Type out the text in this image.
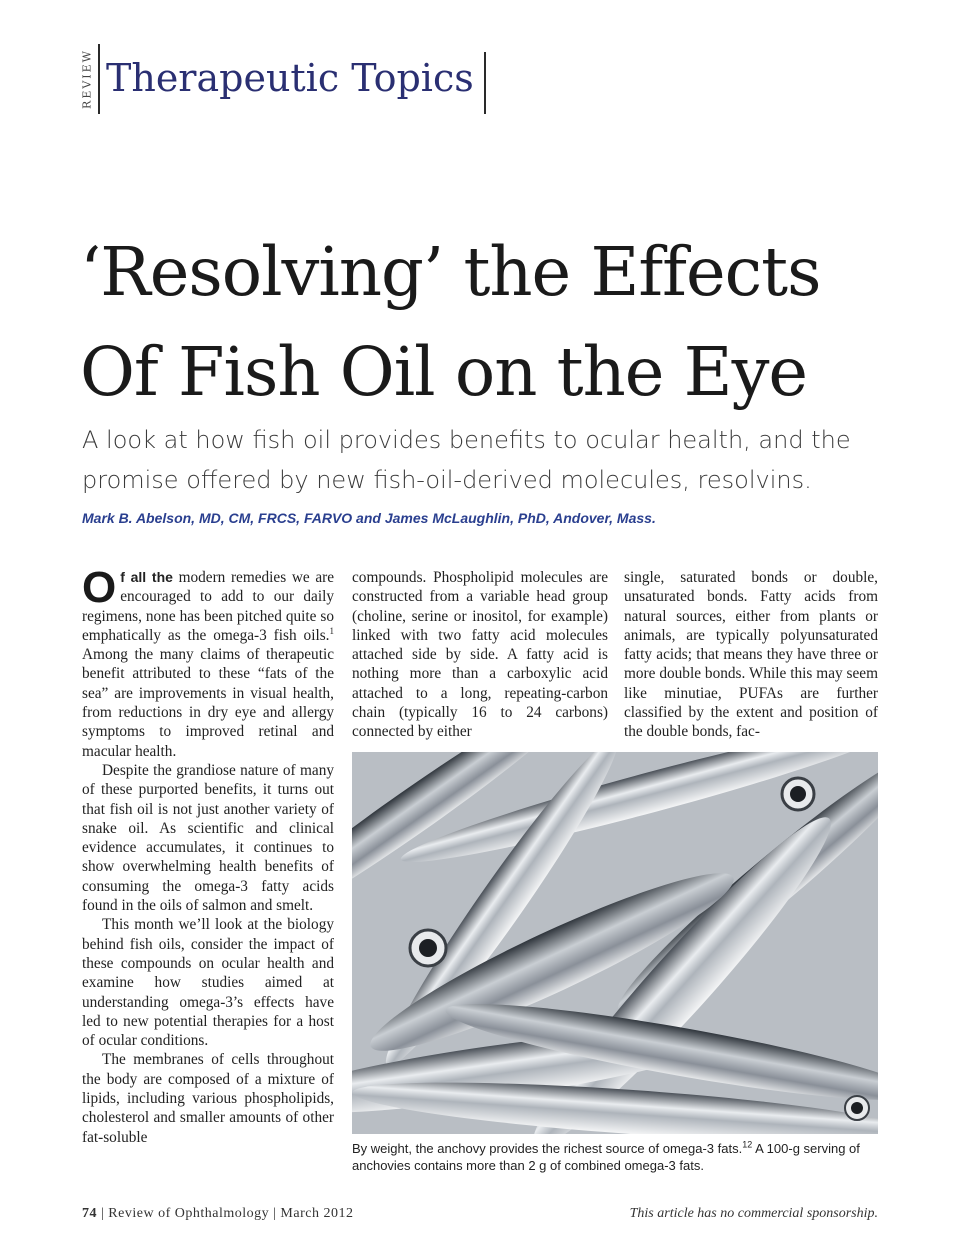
REVIEW Therapeutic Topics
‘Resolving’ the Effects
Of Fish Oil on the Eye

A look at how fish oil provides benefits to ocular health, and the promise offered by new fish-oil-derived molecules, resolvins.

Mark B. Abelson, MD, CM, FRCS, FARVO and James McLaughlin, PhD, Andover, Mass.

Of all the modern remedies we are encouraged to add to our daily regimens, none has been pitched quite so emphatically as the omega-3 fish oils.$^1$ Among the many claims of therapeutic benefit attributed to these “fats of the sea” are improvements in visual health, from reductions in dry eye and allergy symptoms to improved retinal and macular health.

Despite the grandiose nature of many of these purported benefits, it turns out that fish oil is not just another variety of snake oil. As scientific and clinical evidence accumulates, it continues to show overwhelming health benefits of consuming the omega-3 fatty acids found in the oils of salmon and smelt.

This month we’ll look at the biology behind fish oils, consider the impact of these compounds on ocular health and examine how studies aimed at understanding omega-3’s effects have led to new potential therapies for a host of ocular conditions.

The membranes of cells throughout the body are composed of a mixture of lipids, including various phospholipids, cholesterol and smaller amounts of other fat-soluble

compounds. Phospholipid molecules are constructed from a variable head group (choline, serine or inositol, for example) linked with two fatty acid molecules attached side by side. A fatty acid is nothing more than a carboxylic acid attached to a long, repeating-carbon chain (typically 16 to 24 carbons) connected by either

single, saturated bonds or double, unsaturated bonds. Fatty acids from natural sources, either from plants or animals, are typically polyunsaturated fatty acids; that means they have three or more double bonds. While this may seem like minutiae, PUFAs are further classified by the extent and position of the double bonds, fac-

By weight, the anchovy provides the richest source of omega-3 fats.$^{12}$ A 100-g serving of anchovies contains more than 2 g of combined omega-3 fats.

74 | Review of Ophthalmology | March 2012	This article has no commercial sponsorship.
